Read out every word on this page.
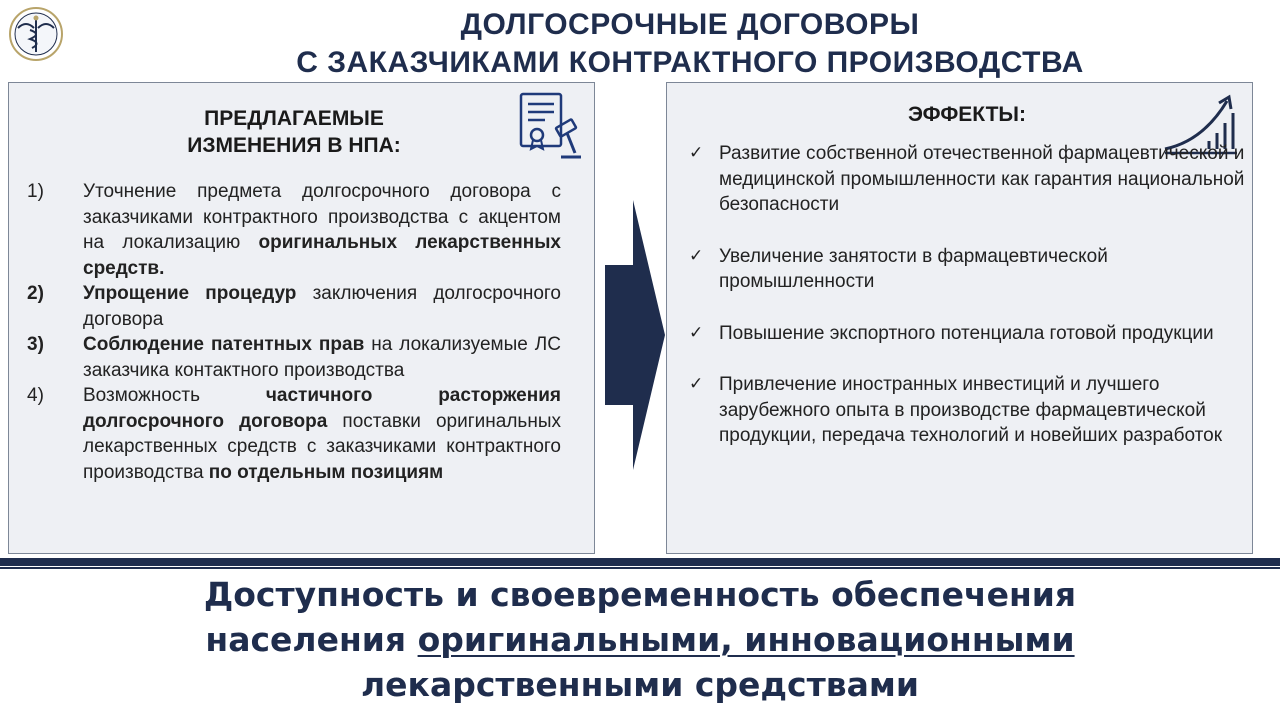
ДОЛГОСРОЧНЫЕ ДОГОВОРЫ
С ЗАКАЗЧИКАМИ КОНТРАКТНОГО ПРОИЗВОДСТВА
ПРЕДЛАГАЕМЫЕ
ИЗМЕНЕНИЯ В НПА:
1)	Уточнение предмета долгосрочного договора с заказчиками контрактного производства с акцентом на локализацию оригинальных лекарственных средств.
2)	Упрощение процедур заключения долгосрочного договора
3)	Соблюдение патентных прав на локализуемые ЛС заказчика контактного производства
4)	Возможность частичного расторжения долгосрочного договора поставки оригинальных лекарственных средств с заказчиками контрактного производства по отдельным позициям
ЭФФЕКТЫ:
✓ Развитие собственной отечественной фармацевтической и медицинской промышленности как гарантия национальной безопасности
✓ Увеличение занятости в фармацевтической промышленности
✓ Повышение экспортного потенциала готовой продукции
✓ Привлечение иностранных инвестиций и лучшего зарубежного опыта в производстве фармацевтической продукции, передача технологий и новейших разработок
Доступность и своевременность обеспечения
населения оригинальными, инновационными
лекарственными средствами
